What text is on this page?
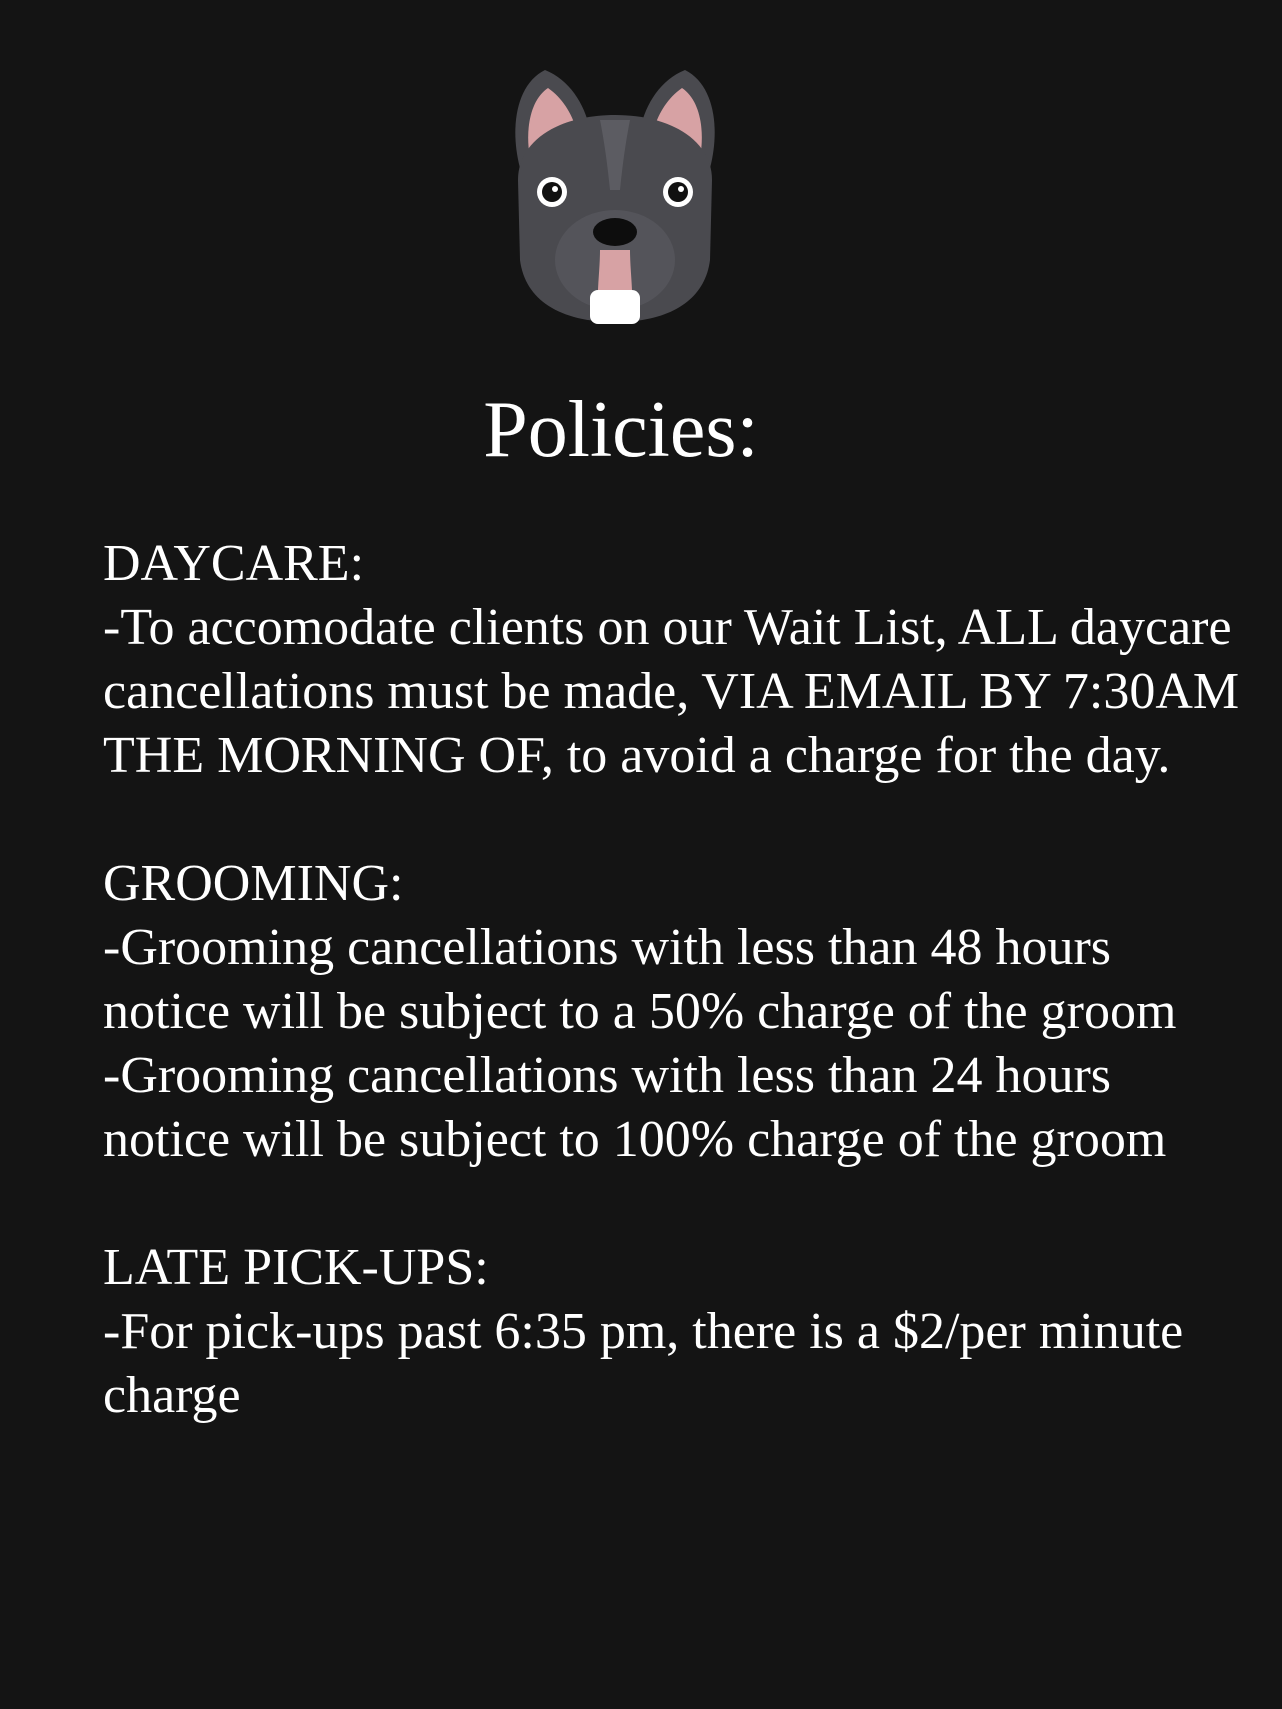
Policies:

DAYCARE:

-To accomodate clients on our Wait List, ALL daycare cancellations must be made, VIA EMAIL BY 7:30AM THE MORNING OF, to avoid a charge for the day.

GROOMING:

-Grooming cancellations with less than 48 hours notice will be subject to a 50% charge of the groom

-Grooming cancellations with less than 24 hours notice will be subject to 100% charge of the groom

LATE PICK-UPS:

-For pick-ups past 6:35 pm, there is a $2/per minute charge
